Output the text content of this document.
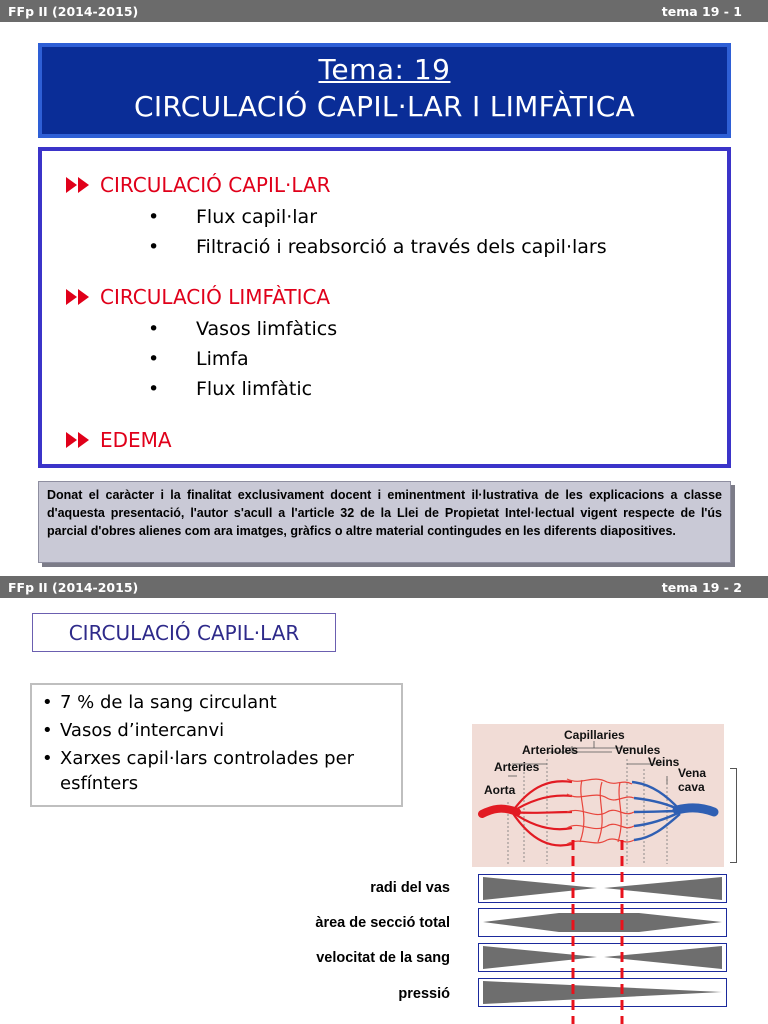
FFp II (2014-2015)	tema 19 - 1
Tema: 19
CIRCULACIÓ CAPIL·LAR I LIMFÀTICA
CIRCULACIÓ CAPIL·LAR
•	Flux capil·lar
•	Filtració i reabsorció a través dels capil·lars
CIRCULACIÓ LIMFÀTICA
•	Vasos limfàtics
•	Limfa
•	Flux limfàtic
EDEMA
Donat el caràcter i la finalitat exclusivament docent i eminentment il·lustrativa de les explicacions a classe d'aquesta presentació, l'autor s'acull a l'article 32 de la Llei de Propietat Intel·lectual vigent respecte de l'ús parcial d'obres alienes com ara imatges, gràfics o altre material contingudes en les diferents diapositives.
FFp II (2014-2015)	tema 19 - 2
CIRCULACIÓ CAPIL·LAR
• 7 % de la sang circulant
• Vasos d’intercanvi
• Xarxes capil·lars controlades per
esfínters
Capillaries
Arterioles	Venules
Arteries	Veins
Aorta
Vena
cava
radi del vas
àrea de secció total
velocitat de la sang
pressió
